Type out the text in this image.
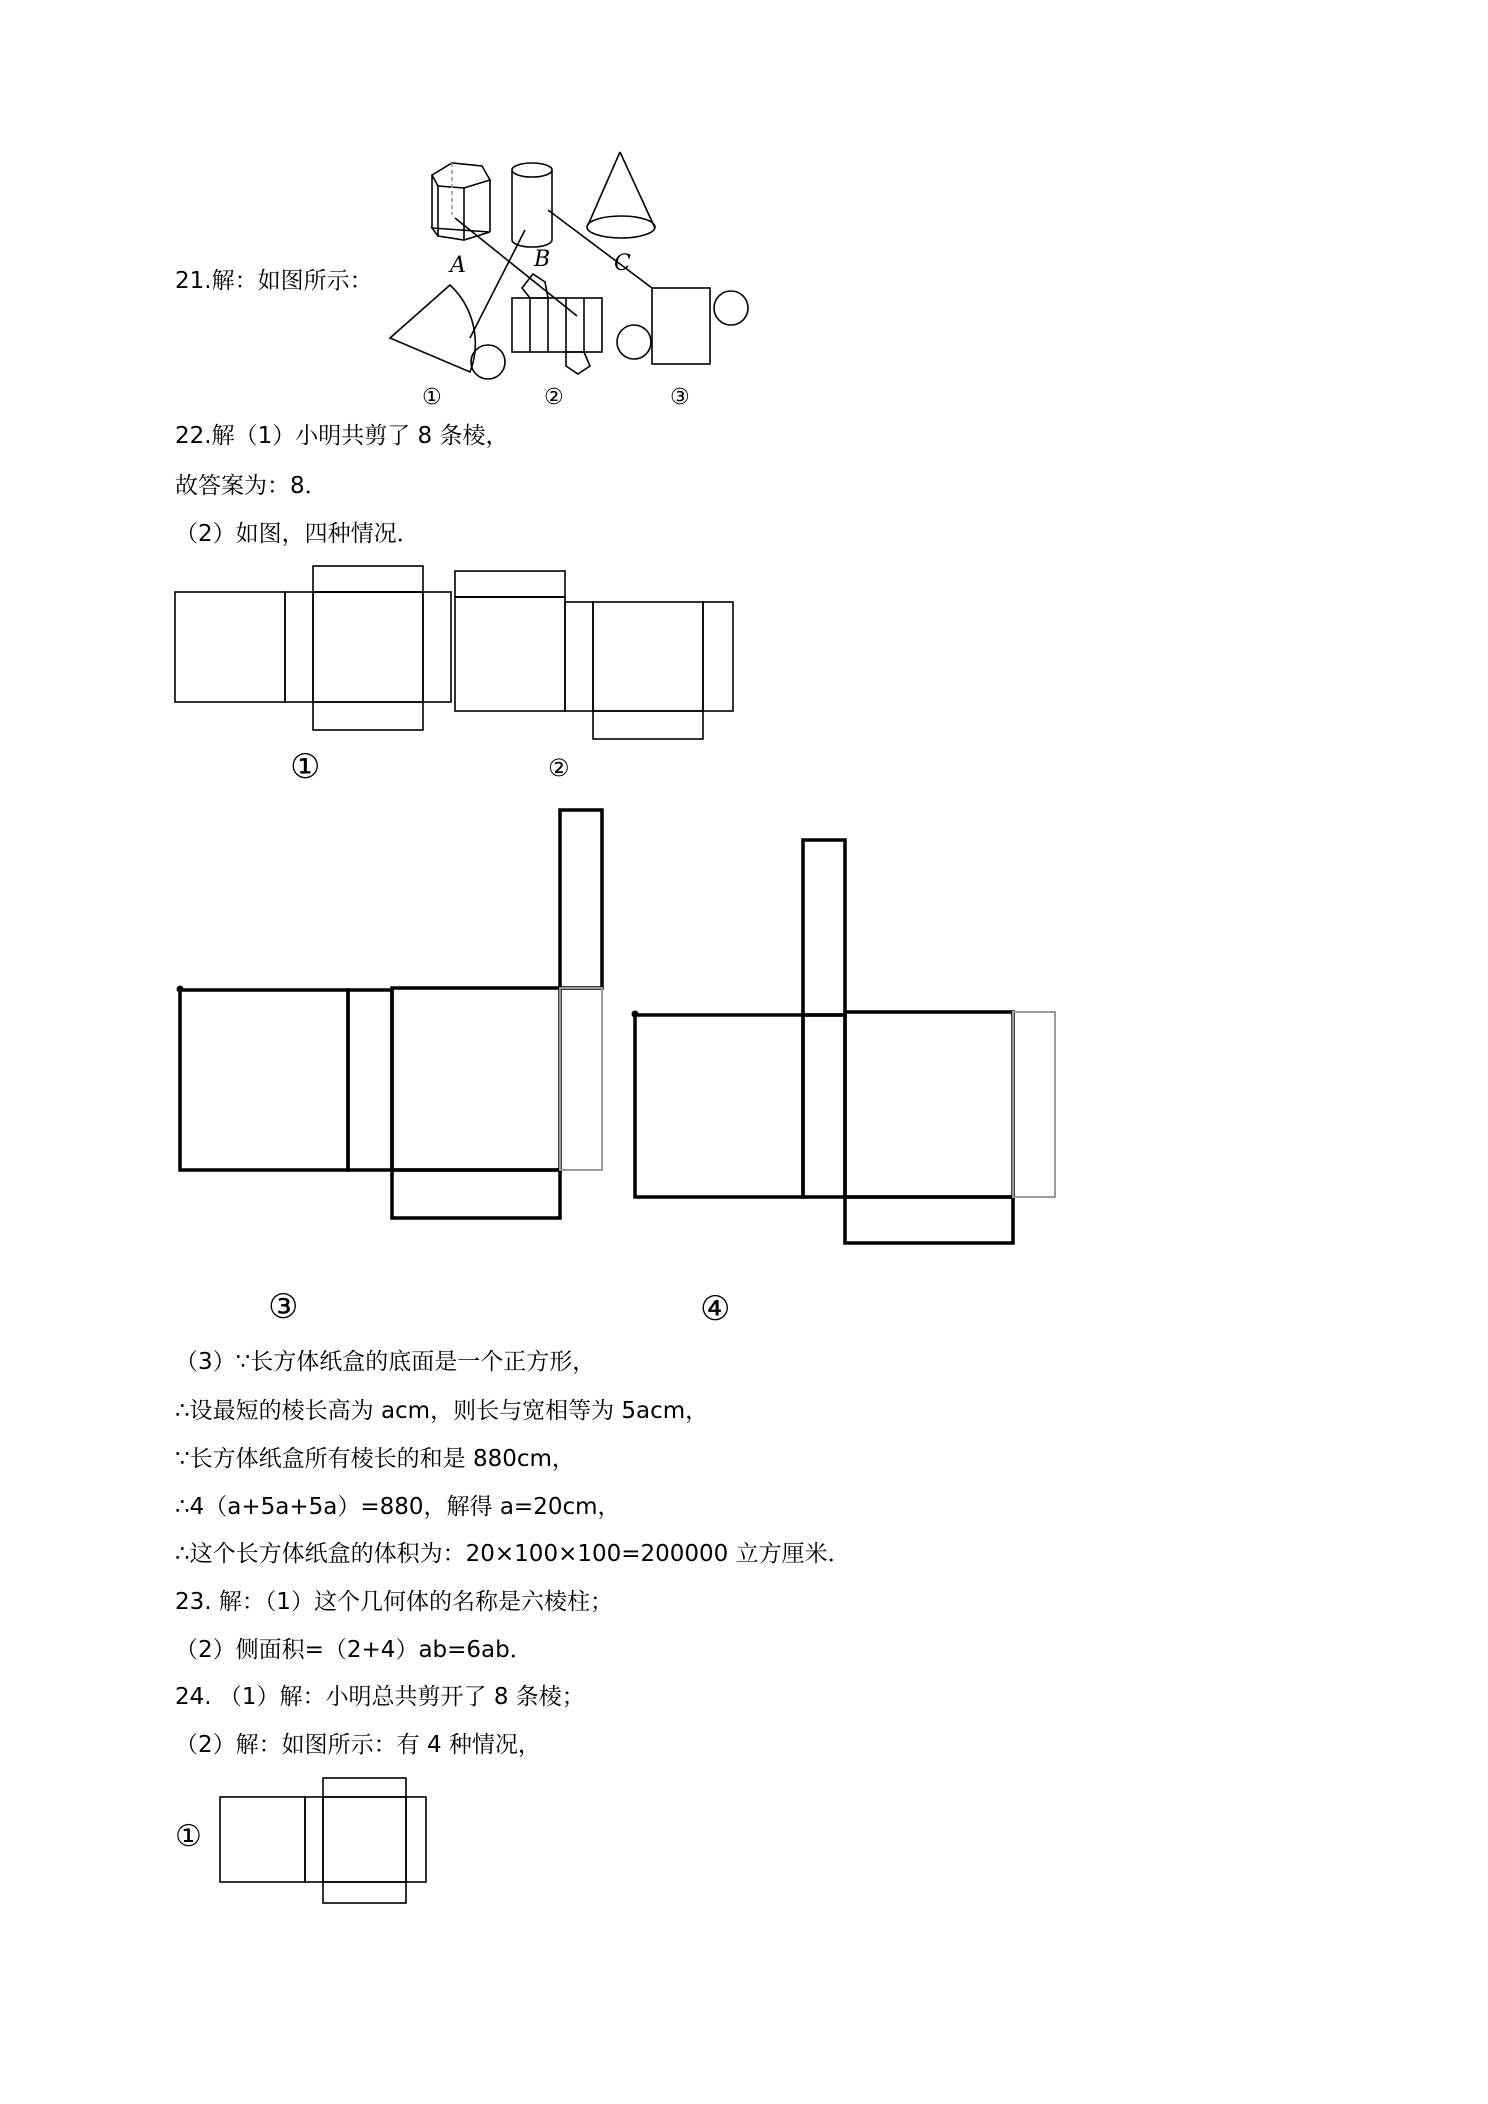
21.解：如图所示：
A	B	C
①	②	③
22.解（1）小明共剪了 8 条棱，
故答案为：8．
（2）如图，四种情况．
①	②
③	④
（3）∵长方体纸盒的底面是一个正方形，
∴设最短的棱长高为 acm，则长与宽相等为 5acm，
∵长方体纸盒所有棱长的和是 880cm，
∴4（a+5a+5a）=880，解得 a=20cm，
∴这个长方体纸盒的体积为：20×100×100=200000 立方厘米．
23. 解：（1）这个几何体的名称是六棱柱；
（2）侧面积=（2+4）ab=6ab．
24. （1）解：小明总共剪开了 8 条棱；
（2）解：如图所示：有 4 种情况，
①
